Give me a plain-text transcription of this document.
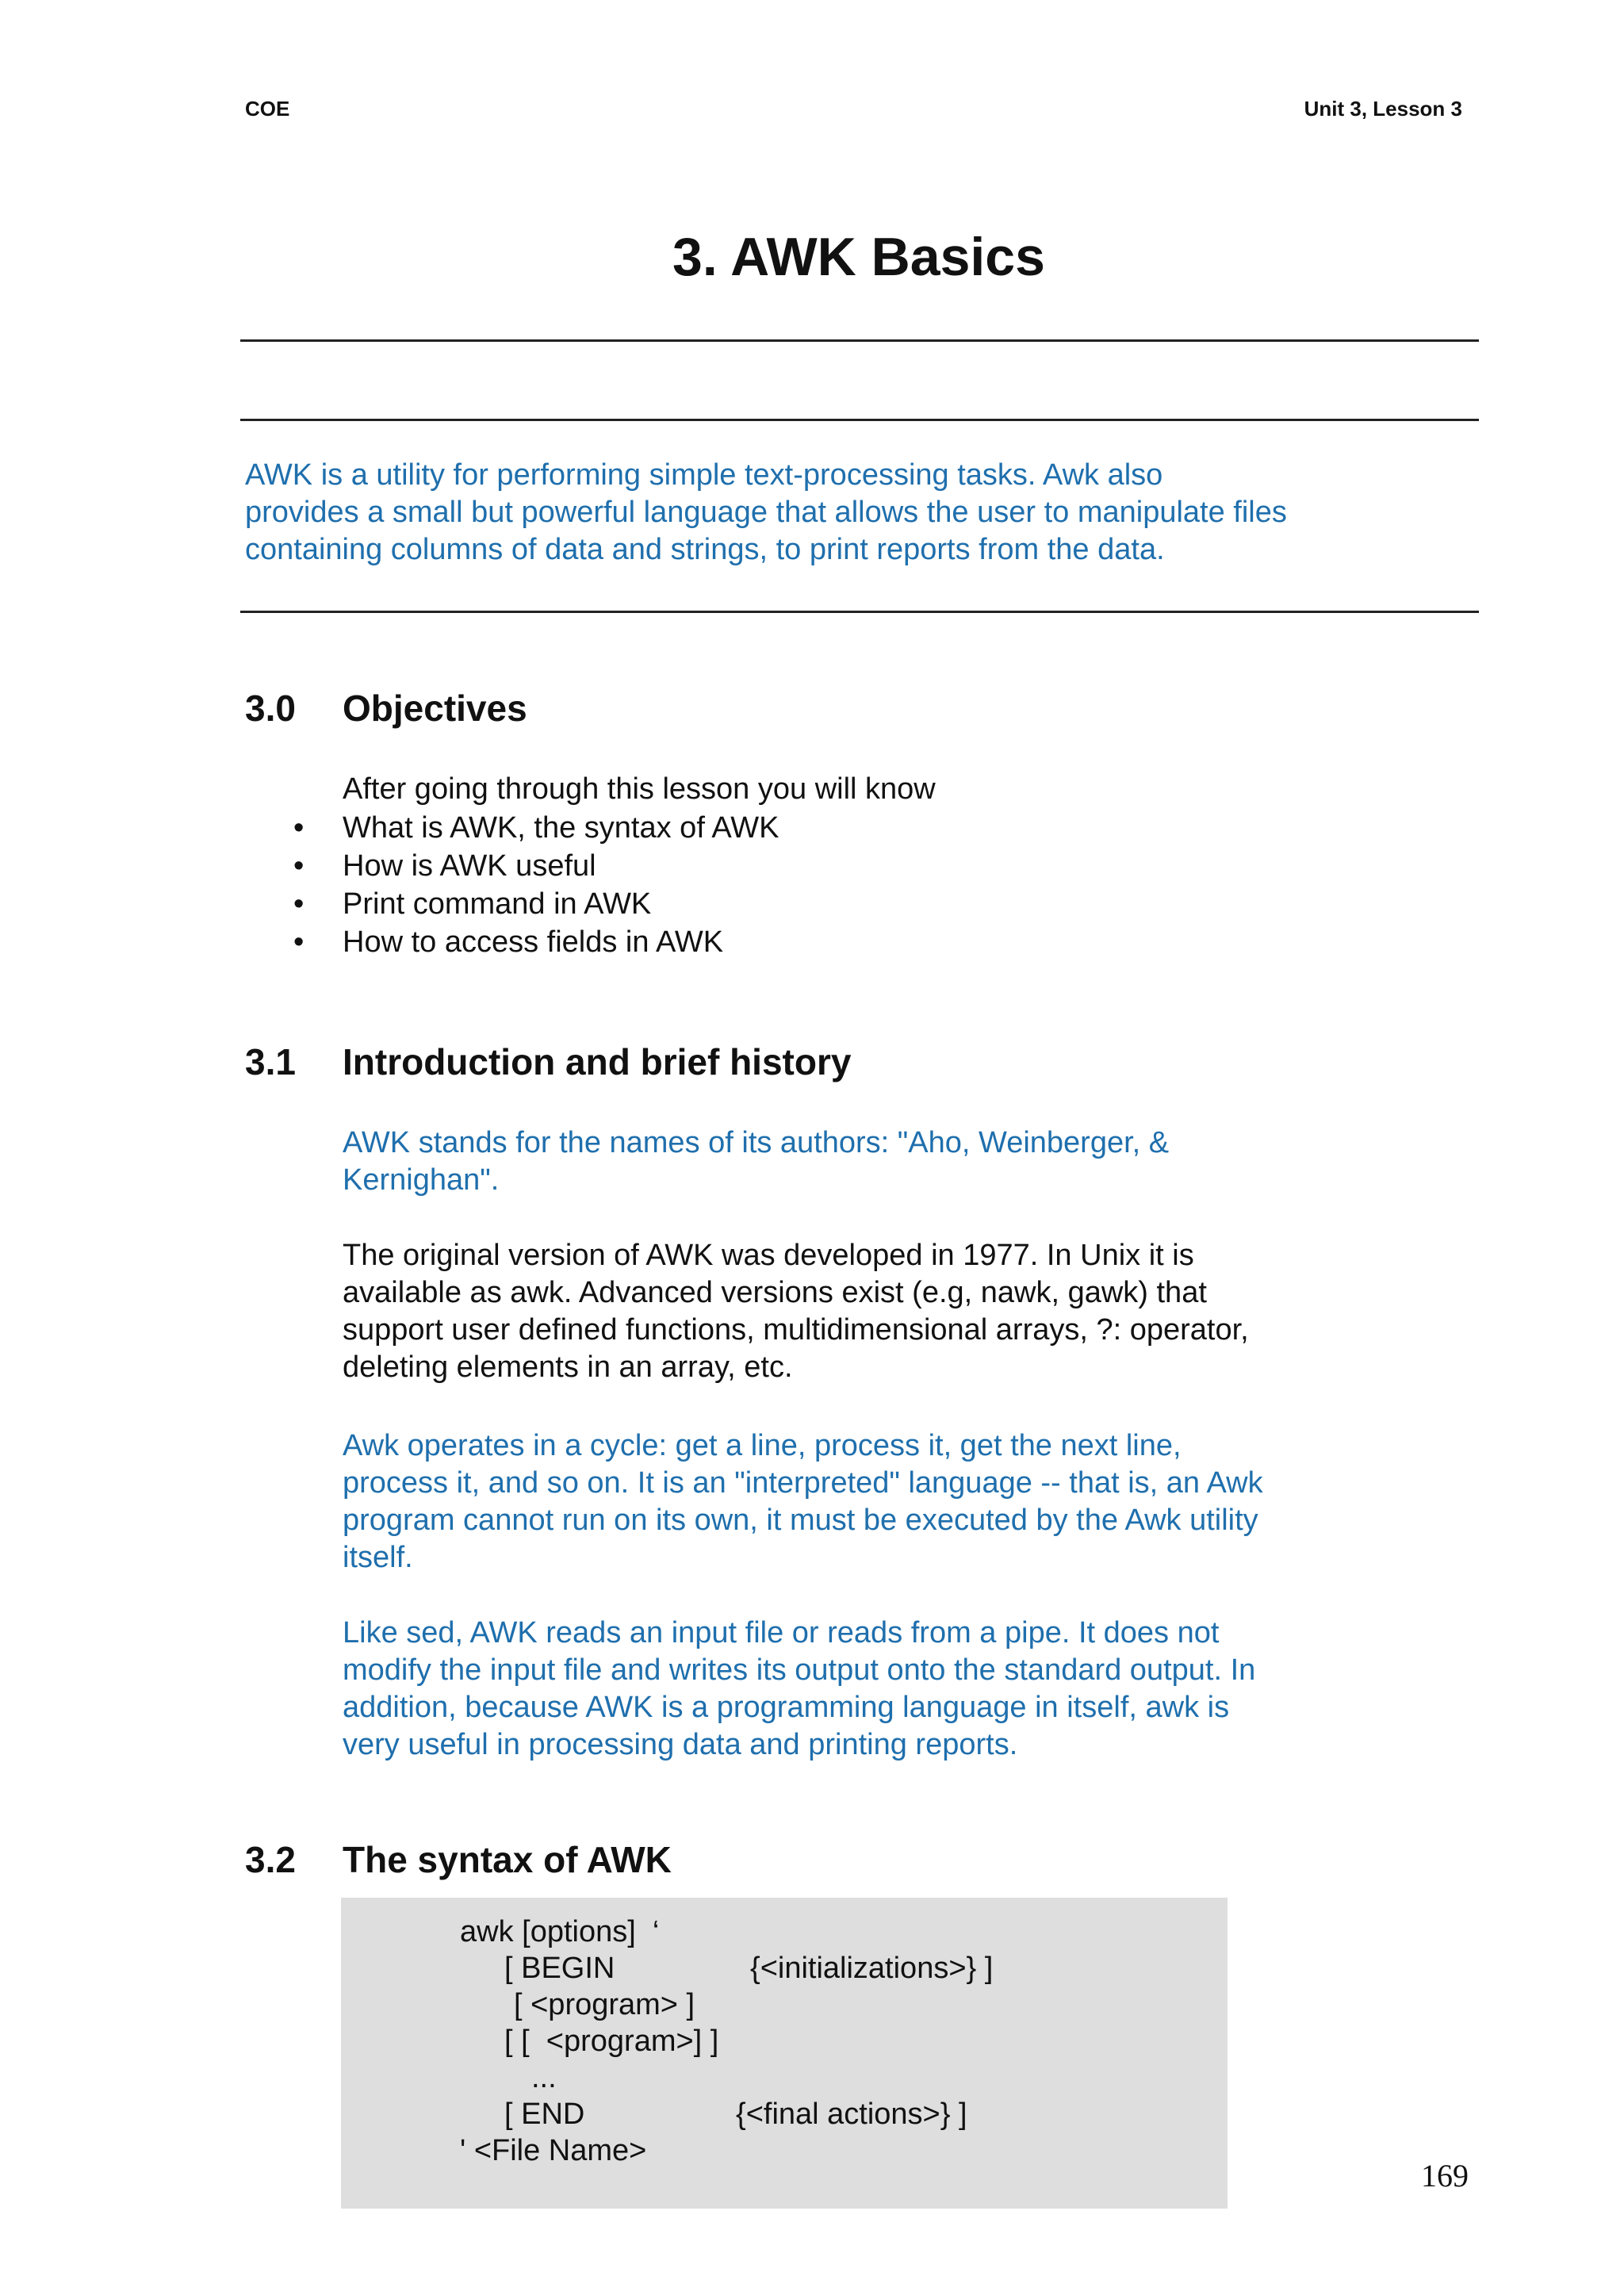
COE	Unit 3, Lesson 3
3. AWK Basics
AWK is a utility for performing simple text-processing tasks. Awk also
provides a small but powerful language that allows the user to manipulate files
containing columns of data and strings, to print reports from the data.
3.0 Objectives
After going through this lesson you will know
• What is AWK, the syntax of AWK
• How is AWK useful
• Print command in AWK
• How to access fields in AWK
3.1 Introduction and brief history
AWK stands for the names of its authors: "Aho, Weinberger, &
Kernighan".
The original version of AWK was developed in 1977. In Unix it is
available as awk. Advanced versions exist (e.g, nawk, gawk) that
support user defined functions, multidimensional arrays, ?: operator,
deleting elements in an array, etc.
Awk operates in a cycle: get a line, process it, get the next line,
process it, and so on. It is an "interpreted" language -- that is, an Awk
program cannot run on its own, it must be executed by the Awk utility
itself.
Like sed, AWK reads an input file or reads from a pipe. It does not
modify the input file and writes its output onto the standard output. In
addition, because AWK is a programming language in itself, awk is
very useful in processing data and printing reports.
3.2 The syntax of AWK
awk [options]  ‘
[ BEGIN	{<initializations>} ]
[ <program> ]
[ [  <program>] ]
...
[ END	{<final actions>} ]
' <File Name>
169
